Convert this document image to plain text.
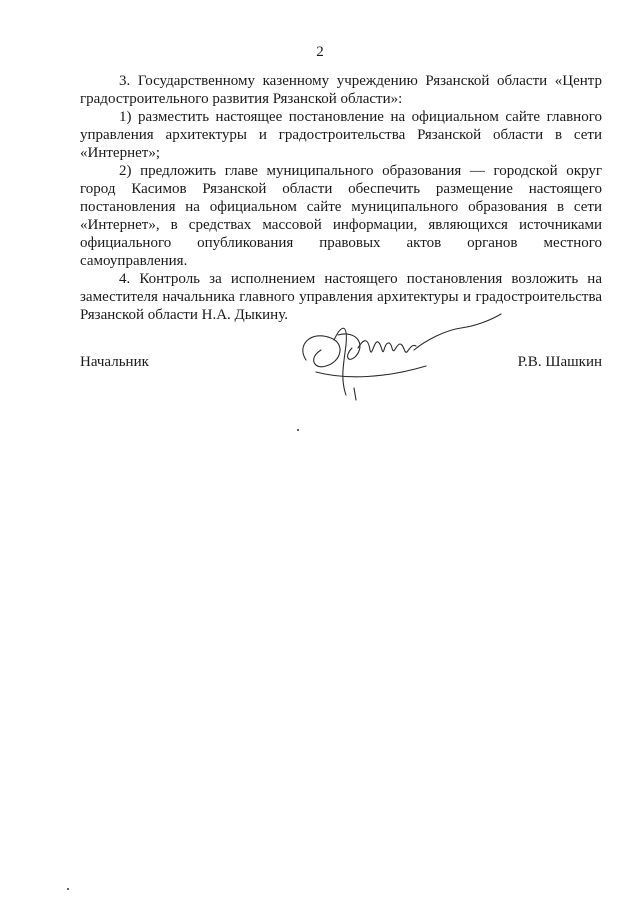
2

3. Государственному казенному учреждению Рязанской области «Центр градостроительного развития Рязанской области»:

1) разместить настоящее постановление на официальном сайте главного управления архитектуры и градостроительства Рязанской области в сети «Интернет»;

2) предложить главе муниципального образования — городской округ город Касимов Рязанской области обеспечить размещение настоящего постановления на официальном сайте муниципального образования в сети «Интернет», в средствах массовой информации, являющихся источниками официального опубликования правовых актов органов местного самоуправления.

4. Контроль за исполнением настоящего постановления возложить на заместителя начальника главного управления архитектуры и градостроительства Рязанской области Н.А. Дыкину.

Начальник	Р.В. Шашкин
